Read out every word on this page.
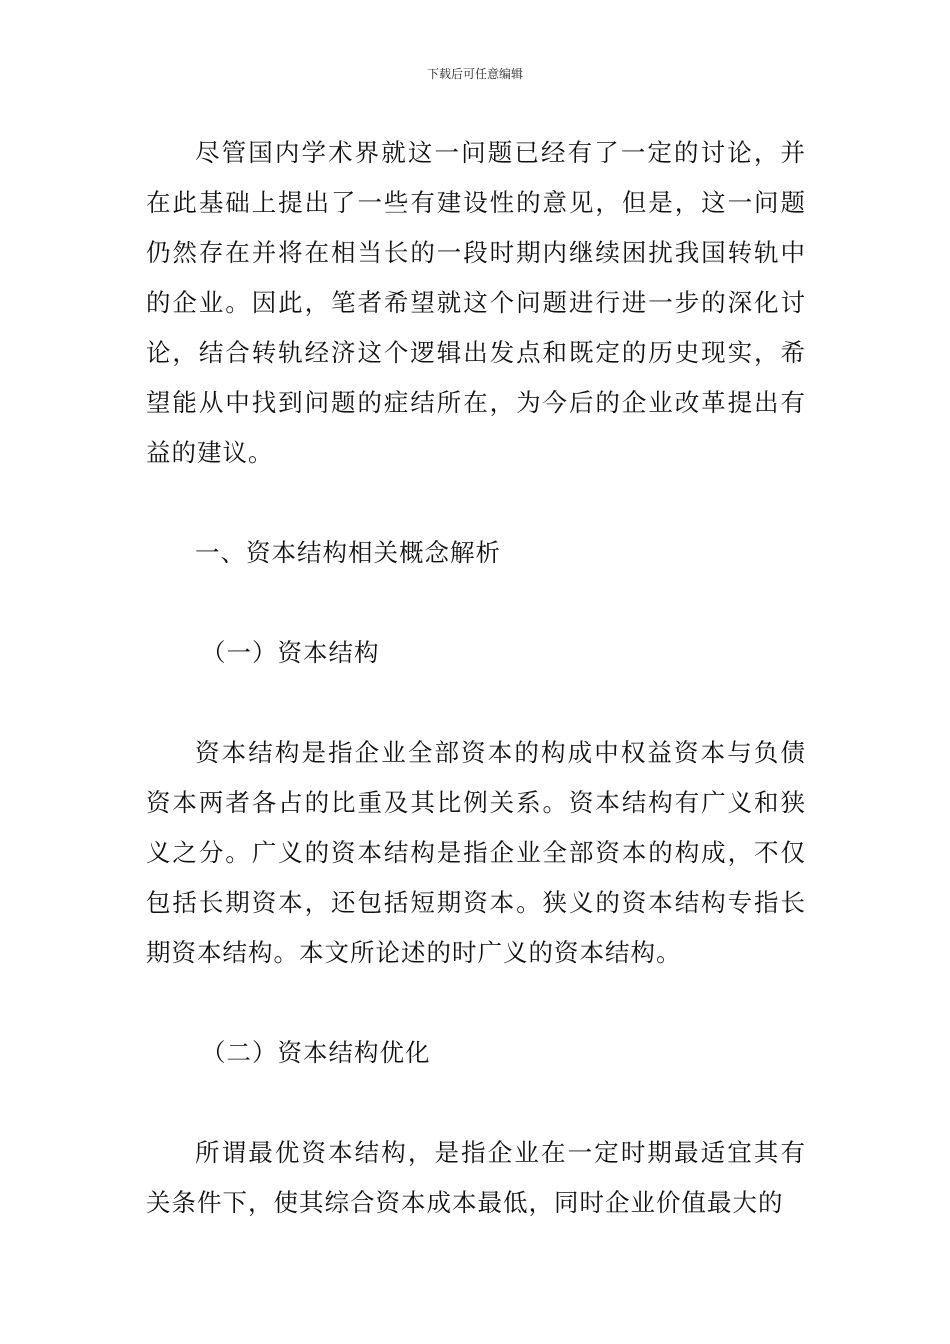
下载后可任意编辑

尽管国内学术界就这一问题已经有了一定的讨论，并在此基础上提出了一些有建设性的意见，但是，这一问题仍然存在并将在相当长的一段时期内继续困扰我国转轨中的企业。因此，笔者希望就这个问题进行进一步的深化讨论，结合转轨经济这个逻辑出发点和既定的历史现实，希望能从中找到问题的症结所在，为今后的企业改革提出有益的建议。

一、资本结构相关概念解析

（一）资本结构

资本结构是指企业全部资本的构成中权益资本与负债资本两者各占的比重及其比例关系。资本结构有广义和狭义之分。广义的资本结构是指企业全部资本的构成，不仅包括长期资本，还包括短期资本。狭义的资本结构专指长期资本结构。本文所论述的时广义的资本结构。

（二）资本结构优化

所谓最优资本结构，是指企业在一定时期最适宜其有关条件下，使其综合资本成本最低，同时企业价值最大的
